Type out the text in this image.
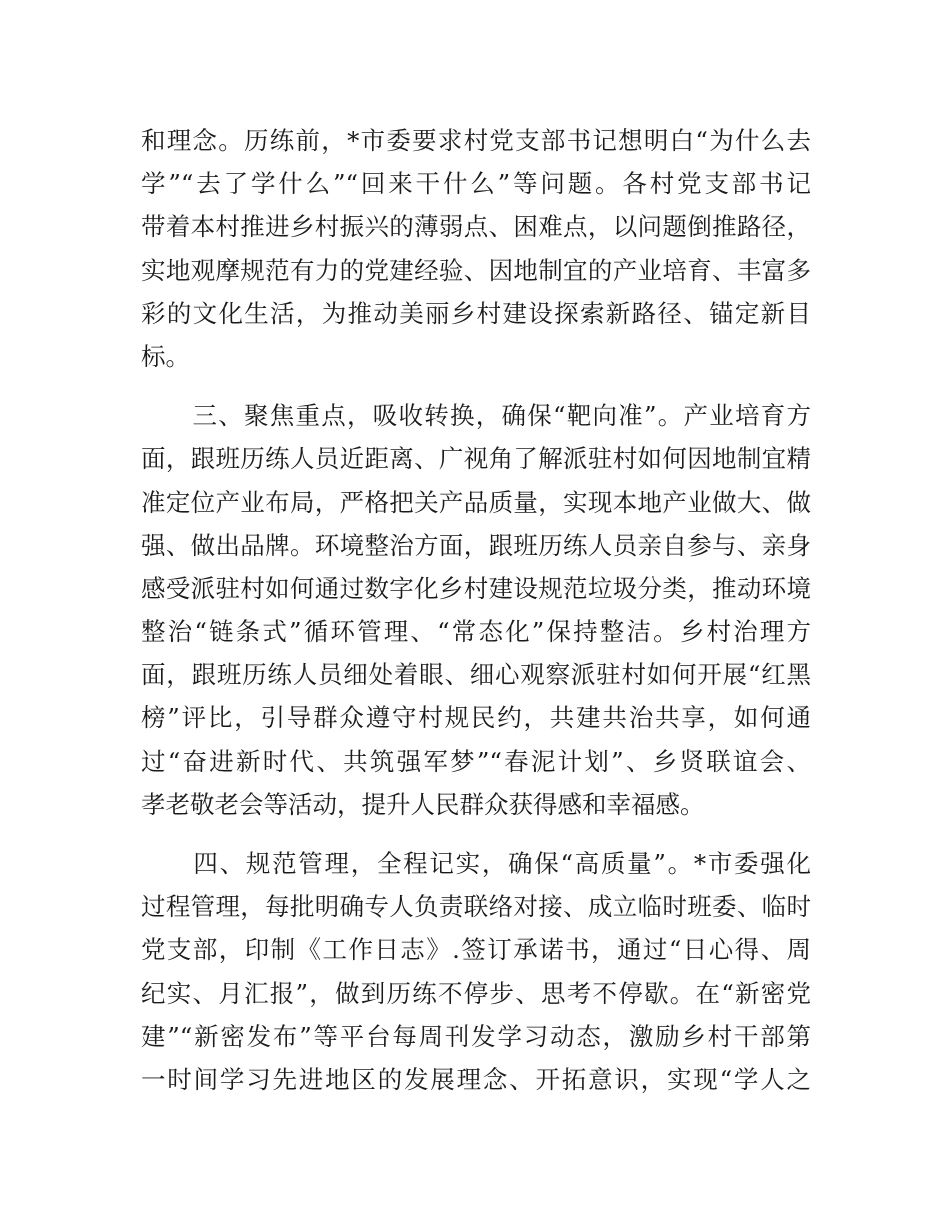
和理念。历练前，*市委要求村党支部书记想明白“为什么去
学”“去了学什么”“回来干什么”等问题。各村党支部书记
带着本村推进乡村振兴的薄弱点、困难点，以问题倒推路径，
实地观摩规范有力的党建经验、因地制宜的产业培育、丰富多
彩的文化生活，为推动美丽乡村建设探索新路径、锚定新目
标。
　　三、聚焦重点，吸收转换，确保“靶向准”。产业培育方
面，跟班历练人员近距离、广视角了解派驻村如何因地制宜精
准定位产业布局，严格把关产品质量，实现本地产业做大、做
强、做出品牌。环境整治方面，跟班历练人员亲自参与、亲身
感受派驻村如何通过数字化乡村建设规范垃圾分类，推动环境
整治“链条式”循环管理、“常态化”保持整洁。乡村治理方
面，跟班历练人员细处着眼、细心观察派驻村如何开展“红黑
榜”评比，引导群众遵守村规民约，共建共治共享，如何通
过“奋进新时代、共筑强军梦”“春泥计划”、乡贤联谊会、
孝老敬老会等活动，提升人民群众获得感和幸福感。
　　四、规范管理，全程记实，确保“高质量”。*市委强化
过程管理，每批明确专人负责联络对接、成立临时班委、临时
党支部，印制《工作日志》.签订承诺书，通过“日心得、周
纪实、月汇报”，做到历练不停步、思考不停歇。在“新密党
建”“新密发布”等平台每周刊发学习动态，激励乡村干部第
一时间学习先进地区的发展理念、开拓意识，实现“学人之
